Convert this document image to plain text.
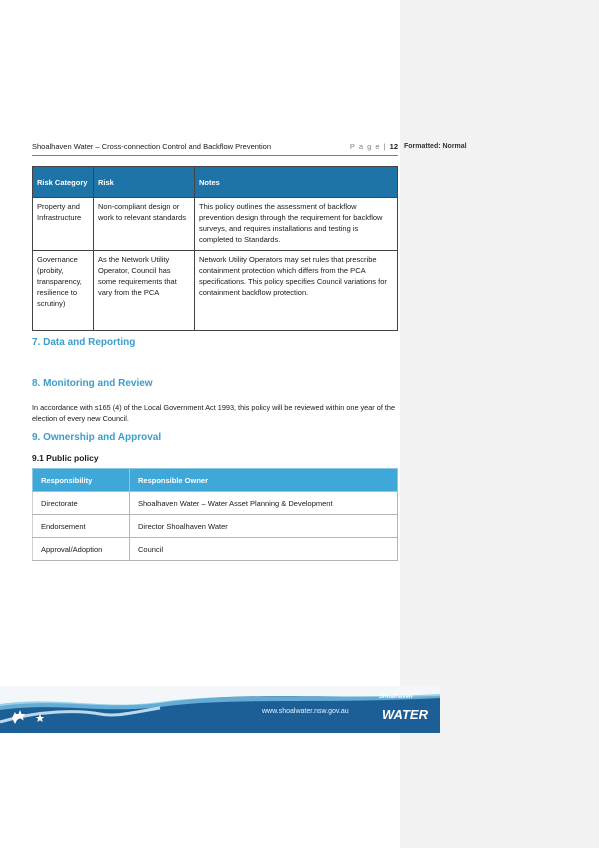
Formatted: Normal
Shoalhaven Water – Cross-connection Control and Backflow Prevention	P a g e | 12
Risk Category	Risk	Notes
Property and Infrastructure	Non-compliant design or work to relevant standards	This policy outlines the assessment of backflow prevention design through the requirement for backflow surveys, and requires installations and testing is completed to Standards.
Governance (probity, transparency, resilience to scrutiny)	As the Network Utility Operator, Council has some requirements that vary from the PCA	Network Utility Operators may set rules that prescribe containment protection which differs from the PCA specifications. This policy specifies Council variations for containment backflow protection.
7. Data and Reporting
8. Monitoring and Review
In accordance with s165 (4) of the Local Government Act 1993, this policy will be reviewed within one year of the election of every new Council.
9. Ownership and Approval
9.1 Public policy
Responsibility	Responsible Owner
Directorate	Shoalhaven Water – Water Asset Planning & Development
Endorsement	Director Shoalhaven Water
Approval/Adoption	Council
www.shoalwater.nsw.gov.au
Shoalhaven
WATER
